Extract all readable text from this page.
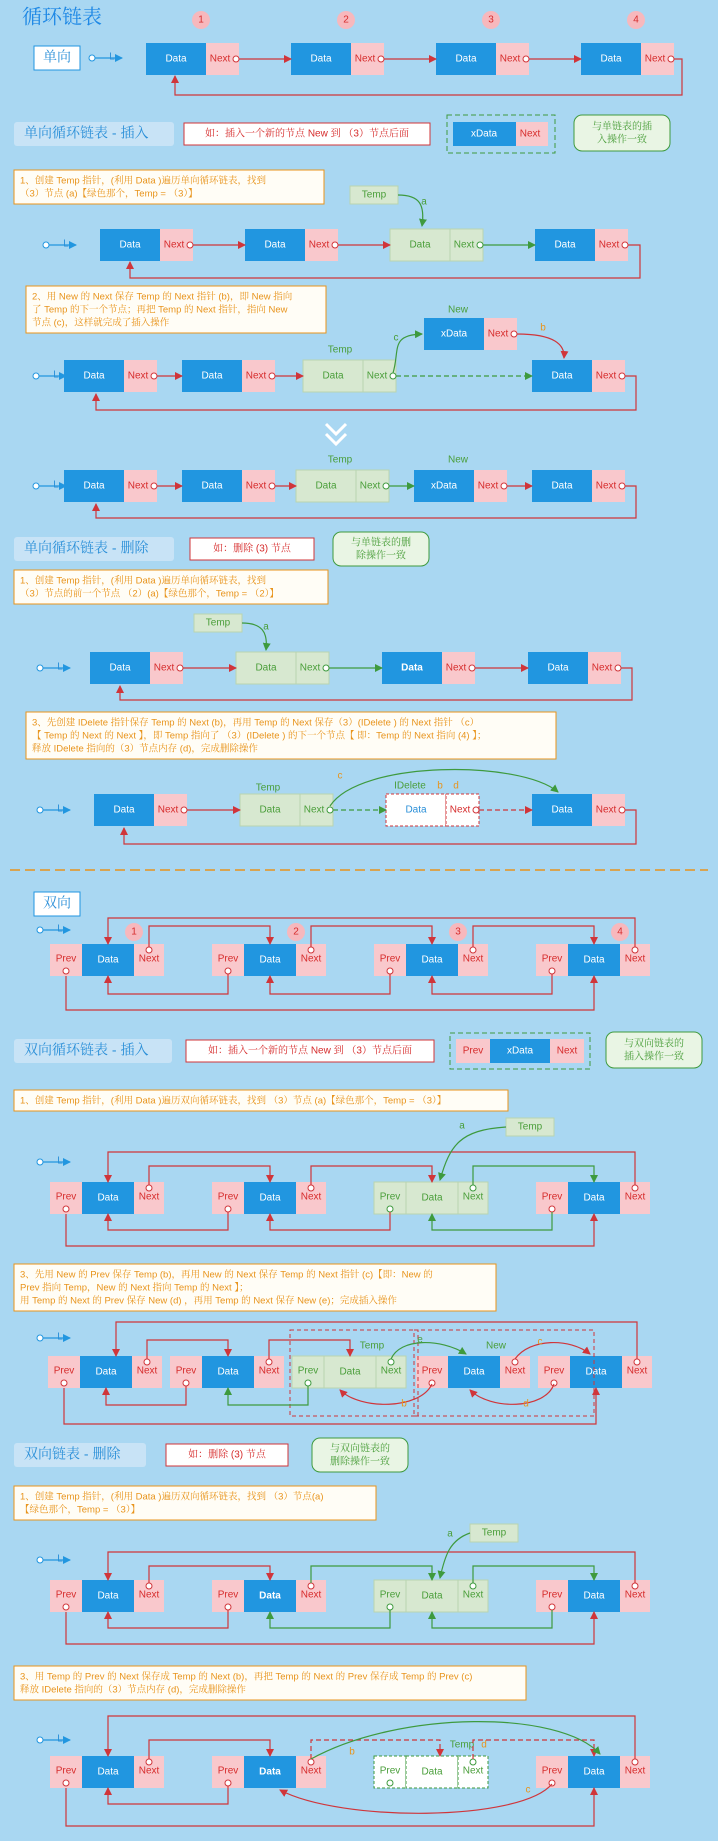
循环链表
单向	L
1
Data Next
2
Data Next
3
Data Next
4
Data Next
单向循环链表 - 插入	如：插入一个新的节点 New 到 （3）节点后面	xData Next
与单链表的插
入操作一致
1、创建 Temp 指针，(利用 Data )遍历单向循环链表，找到
（3）节点 (a)【绿色那个，Temp = （3）】
L	Data Next	Data Next	Data Next	Data Next
Temp
a
2、用 New 的 Next 保存 Temp 的 Next 指针 (b)，即 New 指向
了 Temp 的下一个节点；再把 Temp 的 Next 指针，指向 New
节点 (c)，这样就完成了插入操作
New
xData Next
L Data Next	Data Next	Data Next	Data Next
Temp
c
b
L
Temp	New
Data Next	Data Next	Data Next	xData Next	Data Next
单向循环链表 - 删除	如：删除 (3) 节点
与单链表的删
除操作一致
1、创建 Temp 指针，(利用 Data )遍历单向循环链表，找到
（3）节点的前一个节点 （2）(a)【绿色那个，Temp = （2）】
L	Data Next	Data Next	Data Next	Data Next
Temp	a
3、先创建 IDelete 指针保存 Temp 的 Next (b)，再用 Temp 的 Next 保存（3）(IDelete ) 的 Next 指针 （c）
【 Temp 的 Next 的 Next 】，即 Temp 指向了 （3）(IDelete ) 的下一个节点【 即：Temp 的 Next 指向 (4) 】；
释放 IDelete 指向的（3）节点内存 (d)，完成删除操作
L	Data Next	Data Next	Data Next	Data Next
Temp	IDelete b d
c
双向
L	1
Prev Data Next
2
Prev Data Next
3
Prev Data Next
4
Prev Data Next
双向循环链表 - 插入	如：插入一个新的节点 New 到 （3）节点后面	Prev xData Next
与双向链表的
插入操作一致
1、创建 Temp 指针，(利用 Data )遍历双向循环链表，找到 （3）节点 (a)【绿色那个，Temp = （3）】
L
Prev Data Next	Prev Data Next	Prev Data Next	Prev Data Next
Temp
a
3、先用 New 的 Prev 保存 Temp (b)，再用 New 的 Next 保存 Temp 的 Next 指针 (c)【即：New 的
Prev 指向 Temp，New 的 Next 指向 Temp 的 Next 】；
用 Temp 的 Next 的 Prev 保存 New (d) ，再用 Temp 的 Next 保存 New (e)；完成插入操作
L
Temp	New
Prev Data Next Prev Data Next Prev Data Next Prev Data Next Prev Data Next
e
b
c
d
双向链表 - 删除	如：删除 (3) 节点
与双向链表的
删除操作一致
1、创建 Temp 指针，(利用 Data )遍历双向循环链表，找到 （3）节点(a)
【绿色那个，Temp = （3）】
L
Prev Data Next	Prev Data Next	Prev Data Next	Prev Data Next
Temp
a
3、用 Temp 的 Prev 的 Next 保存成 Temp 的 Next (b)，再把 Temp 的 Next 的 Prev 保存成 Temp 的 Prev (c)
释放 IDelete 指向的（3）节点内存 (d)，完成删除操作
L
Prev Data Next	Prev Data Next	Prev Data Next	Prev Data Next
Temp d
b
c
